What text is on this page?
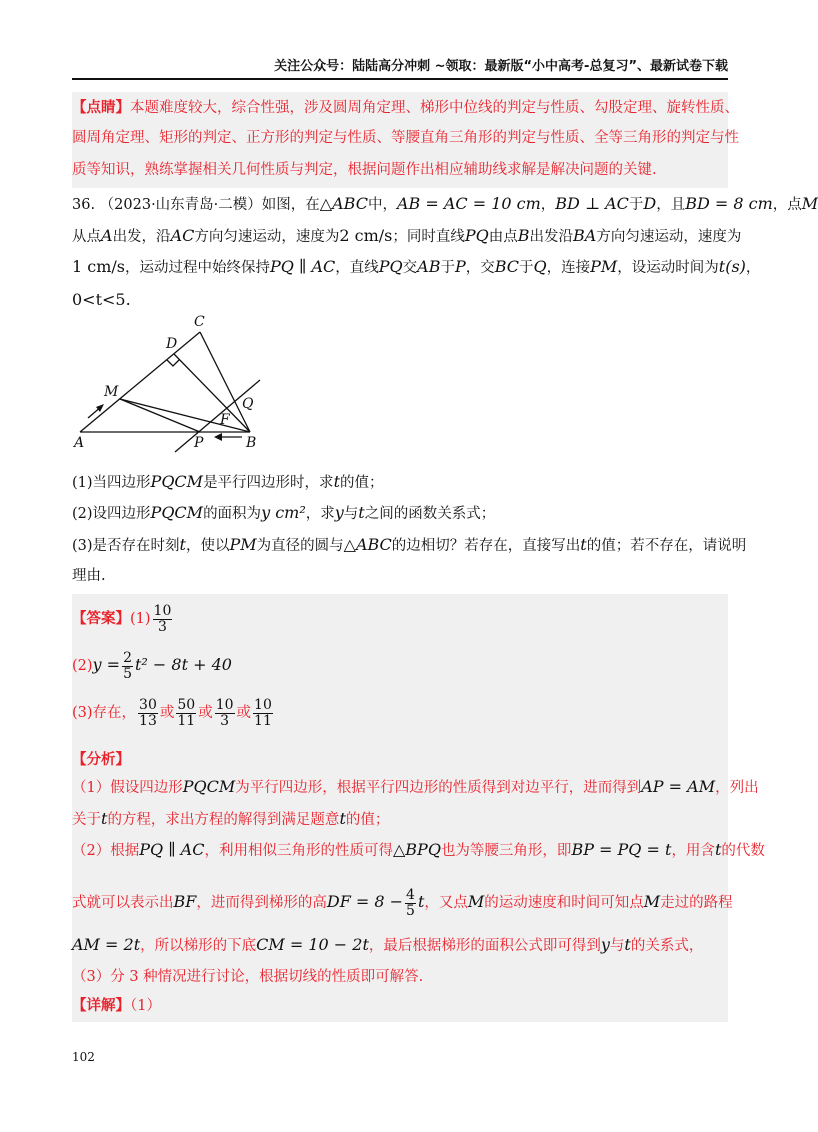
关注公众号：陆陆高分冲刺 ~领取：最新版“小中高考-总复习”、最新试卷下载
【点睛】本题难度较大，综合性强，涉及圆周角定理、梯形中位线的判定与性质、勾股定理、旋转性质、
圆周角定理、矩形的判定、正方形的判定与性质、等腰直角三角形的判定与性质、全等三角形的判定与性
质等知识，熟练掌握相关几何性质与判定，根据问题作出相应辅助线求解是解决问题的关键.
36. （2023·山东青岛·二模）如图，在△ABC中，AB = AC = 10 cm，BD ⊥ AC于D，且BD = 8 cm，点M
从点A出发，沿AC方向匀速运动，速度为2 cm/s；同时直线PQ由点B出发沿BA方向匀速运动，速度为
1 cm/s，运动过程中始终保持PQ ∥ AC，直线PQ交AB于P，交BC于Q，连接PM，设运动时间为t(s)，
0<t<5.
A	B
C
D
M
P
Q
F
(1)当四边形PQCM是平行四边形时，求t的值；
(2)设四边形PQCM的面积为y cm²，求y与t之间的函数关系式；
(3)是否存在时刻t，使以PM为直径的圆与△ABC的边相切？若存在，直接写出t的值；若不存在，请说明
理由.
【答案】$(1) \frac{10}{3}$
$(2)y = \frac{2}{5} t^2 - 8t + 40$
(3)存在， $\frac{30}{13}$ 或 $\frac{50}{11}$ 或 $\frac{10}{3}$ 或 $\frac{10}{11}$
【分析】
（1）假设四边形PQCM为平行四边形，根据平行四边形的性质得到对边平行，进而得到AP = AM，列出
关于t的方程，求出方程的解得到满足题意t的值；
（2）根据PQ ∥ AC，利用相似三角形的性质可得△BPQ也为等腰三角形，即BP = PQ = t，用含t的代数
式就可以表示出BF，进而得到梯形的高DF = $8 - \frac{4}{5}$ t，又点M的运动速度和时间可知点M走过的路程
AM = 2t，所以梯形的下底CM = 10 − 2t，最后根据梯形的面积公式即可得到y与t的关系式，
（3）分 3 种情况进行讨论，根据切线的性质即可解答.
【详解】（1）
102
